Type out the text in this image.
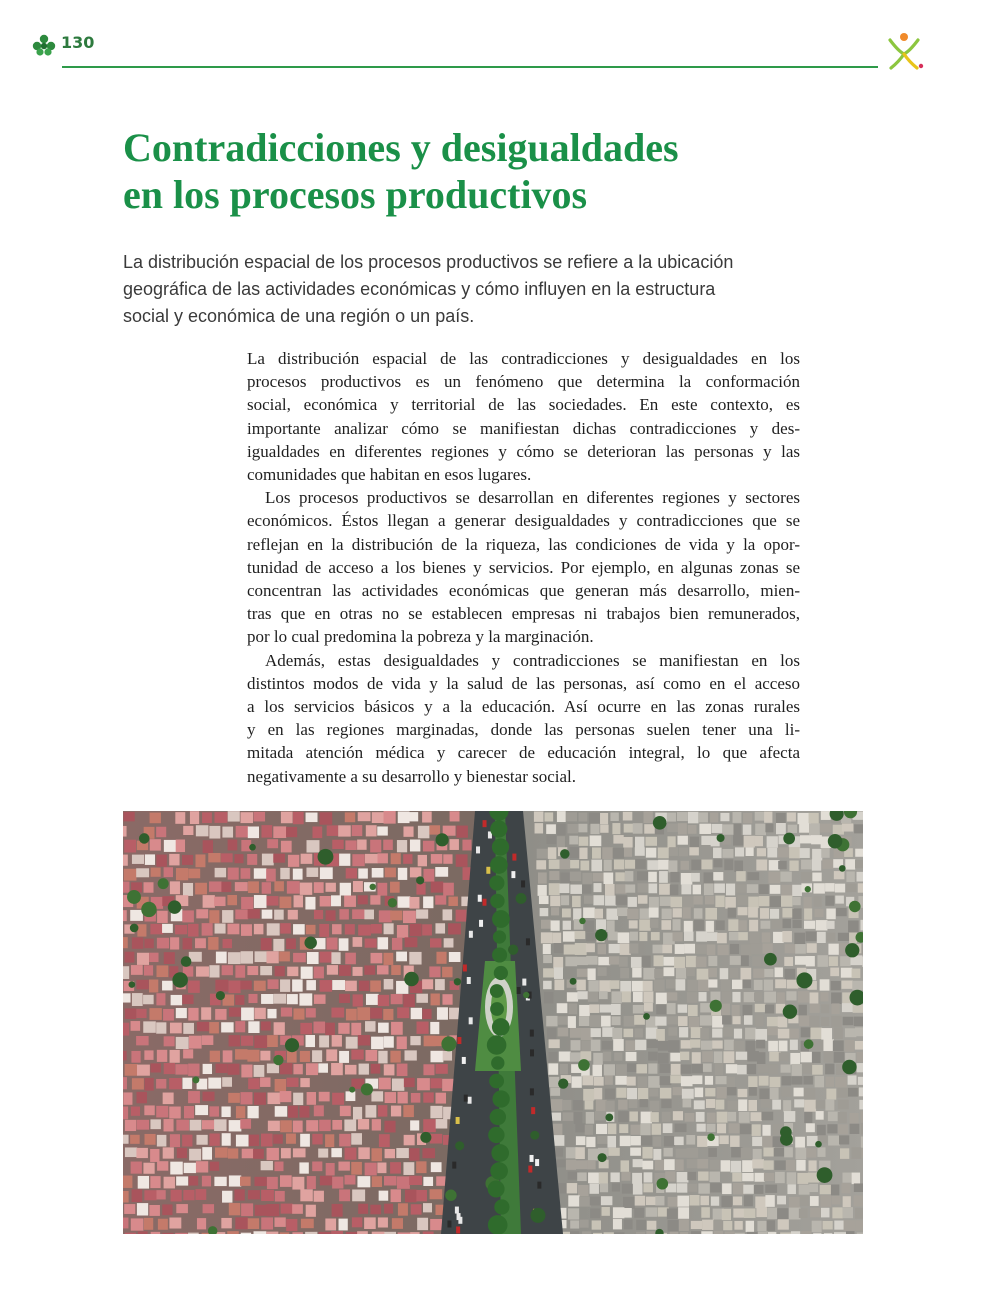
130
Contradicciones y desigualdades
en los procesos productivos

La distribución espacial de los procesos productivos se refiere a la ubicación
geográfica de las actividades económicas y cómo influyen en la estructura
social y económica de una región o un país.

La distribución espacial de las contradicciones y desigualdades en los
procesos productivos es un fenómeno que determina la conformación
social, económica y territorial de las sociedades. En este contexto, es
importante analizar cómo se manifiestan dichas contradicciones y des-
igualdades en diferentes regiones y cómo se deterioran las personas y las
comunidades que habitan en esos lugares.
Los procesos productivos se desarrollan en diferentes regiones y sectores
económicos. Éstos llegan a generar desigualdades y contradicciones que se
reflejan en la distribución de la riqueza, las condiciones de vida y la opor-
tunidad de acceso a los bienes y servicios. Por ejemplo, en algunas zonas se
concentran las actividades económicas que generan más desarrollo, mien-
tras que en otras no se establecen empresas ni trabajos bien remunerados,
por lo cual predomina la pobreza y la marginación.
Además, estas desigualdades y contradicciones se manifiestan en los
distintos modos de vida y la salud de las personas, así como en el acceso
a los servicios básicos y a la educación. Así ocurre en las zonas rurales
y en las regiones marginadas, donde las personas suelen tener una li-
mitada atención médica y carecer de educación integral, lo que afecta
negativamente a su desarrollo y bienestar social.
